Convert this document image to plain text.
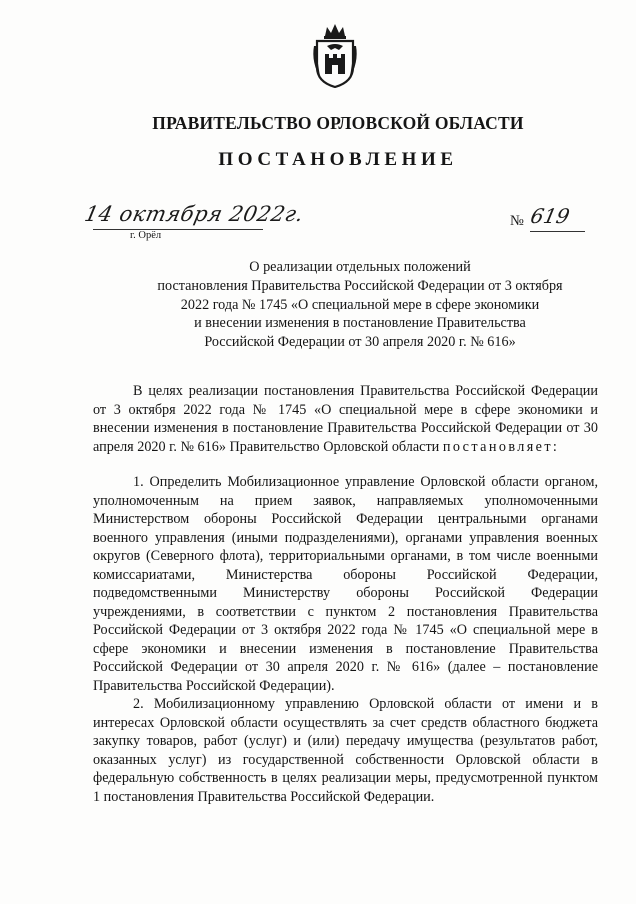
ПРАВИТЕЛЬСТВО ОРЛОВСКОЙ ОБЛАСТИ
ПОСТАНОВЛЕНИЕ
14 октября 2022г.
г. Орёл
№ 619
О реализации отдельных положений
постановления Правительства Российской Федерации от 3 октября
2022 года № 1745 «О специальной мере в сфере экономики
и внесении изменения в постановление Правительства
Российской Федерации от 30 апреля 2020 г. № 616»

В целях реализации постановления Правительства Российской Федерации от 3 октября 2022 года № 1745 «О специальной мере в сфере экономики и внесении изменения в постановление Правительства Российской Федерации от 30 апреля 2020 г. № 616» Правительство Орловской области постановляет:

1. Определить Мобилизационное управление Орловской области органом, уполномоченным на прием заявок, направляемых уполномоченными Министерством обороны Российской Федерации центральными органами военного управления (иными подразделениями), органами управления военных округов (Северного флота), территориальными органами, в том числе военными комиссариатами, Министерства обороны Российской Федерации, подведомственными Министерству обороны Российской Федерации учреждениями, в соответствии с пунктом 2 постановления Правительства Российской Федерации от 3 октября 2022 года № 1745 «О специальной мере в сфере экономики и внесении изменения в постановление Правительства Российской Федерации от 30 апреля 2020 г. № 616» (далее – постановление Правительства Российской Федерации).

2. Мобилизационному управлению Орловской области от имени и в интересах Орловской области осуществлять за счет средств областного бюджета закупку товаров, работ (услуг) и (или) передачу имущества (результатов работ, оказанных услуг) из государственной собственности Орловской области в федеральную собственность в целях реализации меры, предусмотренной пунктом 1 постановления Правительства Российской Федерации.
